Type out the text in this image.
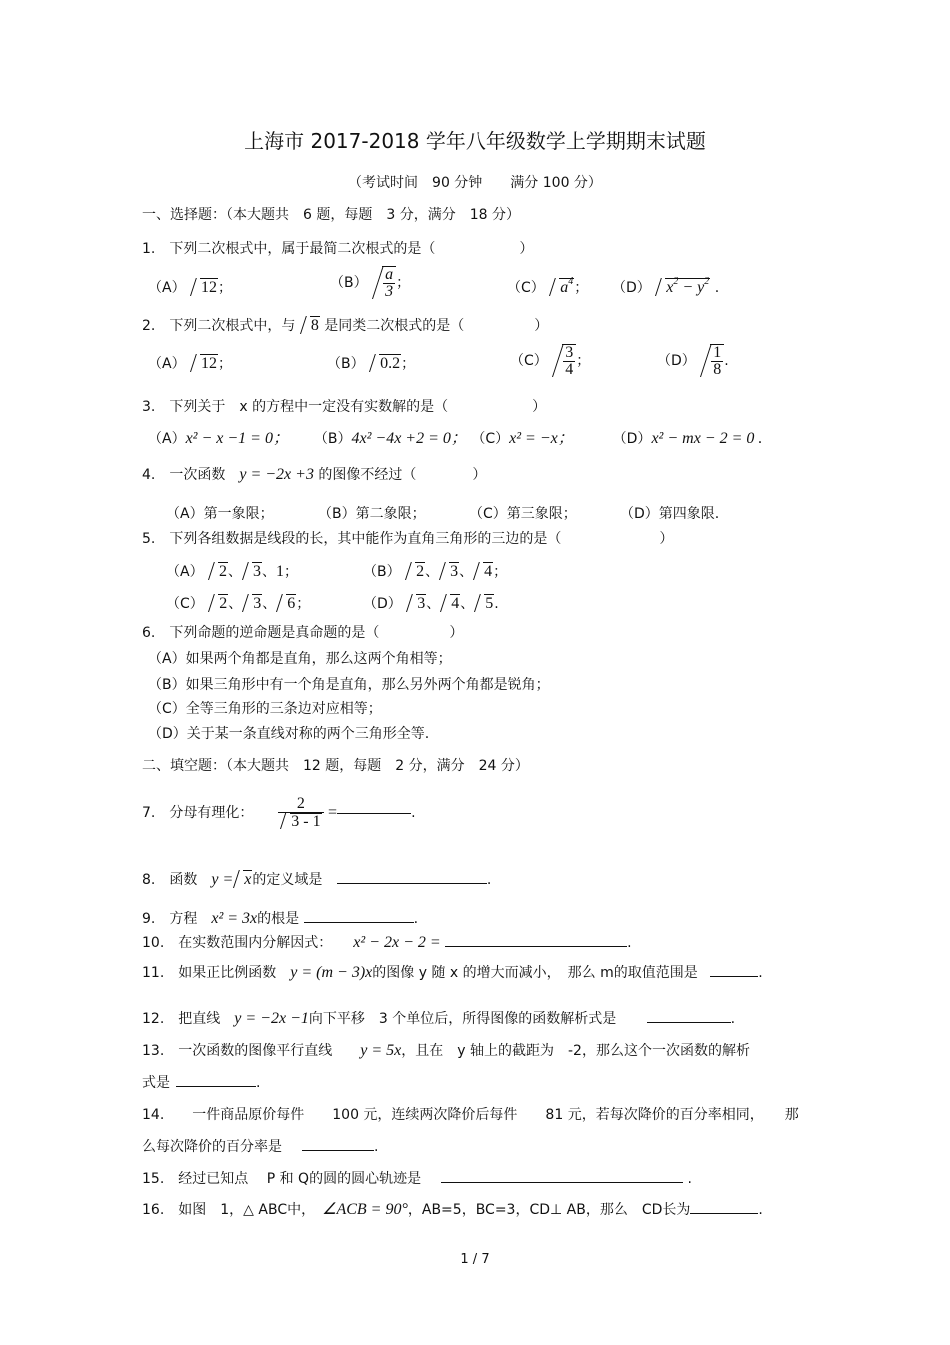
上海市 2017-2018 学年八年级数学上学期期末试题
（考试时间　90 分钟　　满分 100 分）
一、选择题：（本大题共　6 题，每题　3 分，满分　18 分）
1.　下列二次根式中，属于最简二次根式的是（　　　　　　）
（A） 12；	$(B) \frac{a}{3}$ ；	（C） $a^4$； （D） $x^2 - y^2$ .
2.　下列二次根式中，与 8 是同类二次根式的是（　　　　　）
（A） 12；	（B） 0.2；	$(C) \frac{3}{4}$ ；	$(D) \frac{1}{8}$ .
3.　下列关于　x 的方程中一定没有实数解的是（　　　　　　）
（A）x² − x −1 = 0； （B）4x² −4x +2 = 0； （C）x² = −x；	（D）x² − mx − 2 = 0 .
4.　一次函数　 y = −2x +3 的图像不经过（　　　　）
（A）第一象限；	（B）第二象限；	（C）第三象限；	（D）第四象限.
5.　下列各组数据是线段的长，其中能作为直角三角形的三边的是（　　　　　　　）
（A） 2、 3、1；	（B） 2、 3、 4；
（C） 2、 3、 6；	（D） 3、 4、 5.
6.　下列命题的逆命题是真命题的是（　　　　　）
（A）如果两个角都是直角，那么这两个角相等；
（B）如果三角形中有一个角是直角，那么另外两个角都是锐角；
（C）全等三角形的三条边对应相等；
（D）关于某一条直线对称的两个三角形全等.
二、填空题：（本大题共　12 题，每题　2 分，满分　24 分）
7.　分母有理化： $\frac{2}{3 - 1}$ =	.
8.　函数　 y = x的定义域是	.
9.　方程　 x² = 3x的根是	.
10.　在实数范围内分解因式：　　 x² − 2x − 2 =	.
11.　如果正比例函数　 y = (m − 3)x的图像 y 随 x 的增大而减小，　那么 m的取值范围是	.
12.　把直线　 y = −2x −1向下平移　3 个单位后，所得图像的函数解析式是	.
13.　一次函数的图像平行直线　　 y = 5x，且在　y 轴上的截距为　-2，那么这个一次函数的解析
式是	.
14.　　一件商品原价每件　　100 元，连续两次降价后每件　　81 元，若每次降价的百分率相同，　　那
么每次降价的百分率是	.
15.　经过已知点　 P 和 Q的圆的圆心轨迹是	.
16.　如图　1，△ ABC中，　 ∠ACB = 90°，AB=5，BC=3，CD⊥ AB，那么　CD长为	.
1 / 7
